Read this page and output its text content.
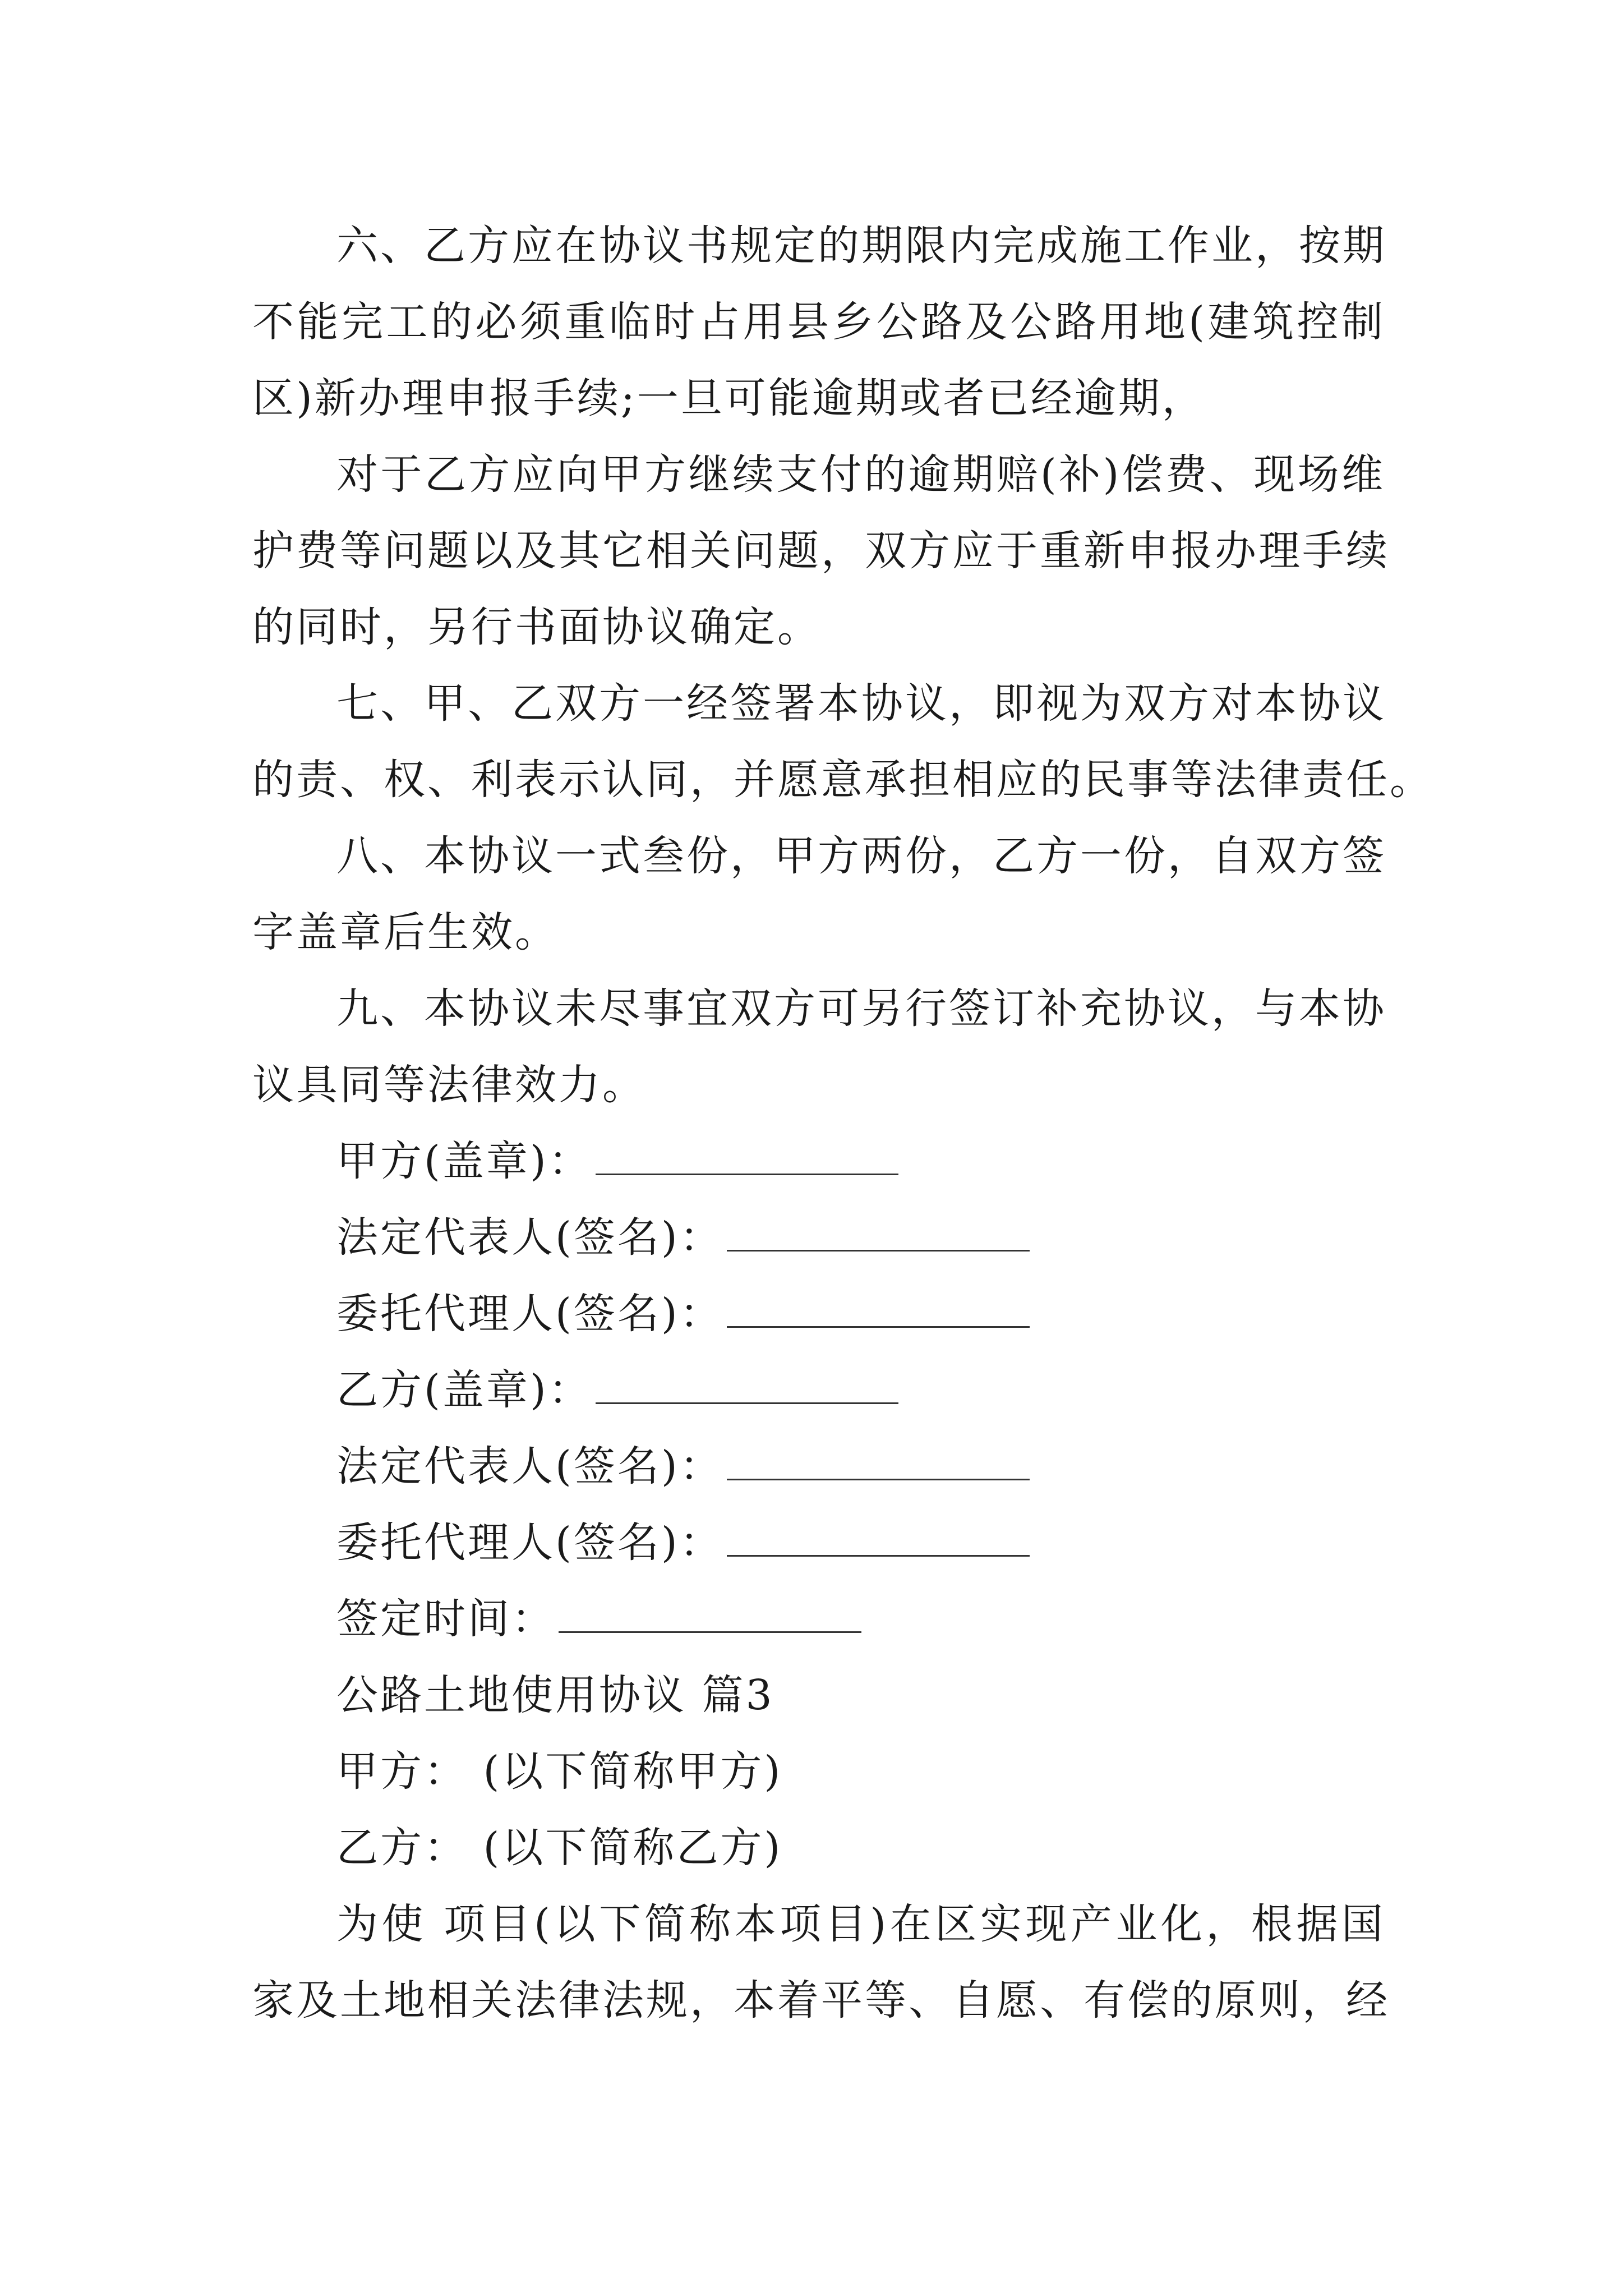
六、乙方应在协议书规定的期限内完成施工作业，按期
不能完工的必须重临时占用县乡公路及公路用地(建筑控制
区)新办理申报手续;一旦可能逾期或者已经逾期，
对于乙方应向甲方继续支付的逾期赔(补)偿费、现场维
护费等问题以及其它相关问题，双方应于重新申报办理手续
的同时，另行书面协议确定。
七、甲、乙双方一经签署本协议，即视为双方对本协议
的责、权、利表示认同，并愿意承担相应的民事等法律责任。
八、本协议一式叁份，甲方两份，乙方一份，自双方签
字盖章后生效。
九、本协议未尽事宜双方可另行签订补充协议，与本协
议具同等法律效力。
甲方(盖章)：
法定代表人(签名)：
委托代理人(签名)：
乙方(盖章)：
法定代表人(签名)：
委托代理人(签名)：
签定时间：
公路土地使用协议 篇3
甲方： (以下简称甲方)
乙方： (以下简称乙方)
为使 项目(以下简称本项目)在区实现产业化，根据国
家及土地相关法律法规，本着平等、自愿、有偿的原则，经
